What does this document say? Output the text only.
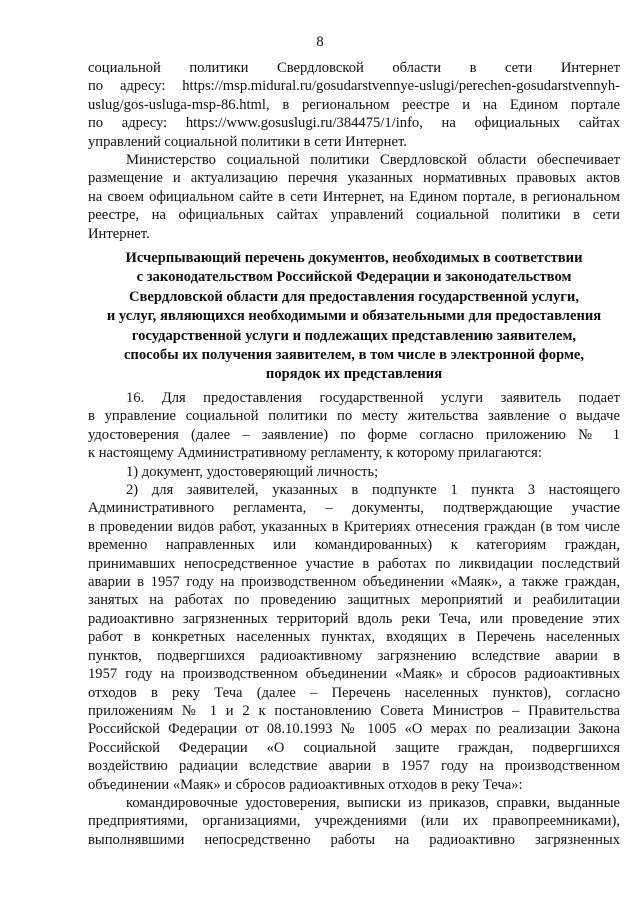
8

социальной политики Свердловской области в сети Интернет

по адресу: https://msp.midural.ru/gosudarstvennye-uslugi/perechen-gosudarstvennyh-

uslug/gos-usluga-msp-86.html, в региональном реестре и на Едином портале

по адресу: https://www.gosuslugi.ru/384475/1/info, на официальных сайтах

управлений социальной политики в сети Интернет.

Министерство социальной политики Свердловской области обеспечивает

размещение и актуализацию перечня указанных нормативных правовых актов

на своем официальном сайте в сети Интернет, на Едином портале, в региональном

реестре, на официальных сайтах управлений социальной политики в сети

Интернет.

Исчерпывающий перечень документов, необходимых в соответствии
с законодательством Российской Федерации и законодательством
Свердловской области для предоставления государственной услуги,
и услуг, являющихся необходимыми и обязательными для предоставления
государственной услуги и подлежащих представлению заявителем,
способы их получения заявителем, в том числе в электронной форме,
порядок их представления

16. Для предоставления государственной услуги заявитель подает

в управление социальной политики по месту жительства заявление о выдаче

удостоверения (далее – заявление) по форме согласно приложению № 1

к настоящему Административному регламенту, к которому прилагаются:

1) документ, удостоверяющий личность;

2) для заявителей, указанных в подпункте 1 пункта 3 настоящего

Административного регламента, – документы, подтверждающие участие

в проведении видов работ, указанных в Критериях отнесения граждан (в том числе

временно направленных или командированных) к категориям граждан,

принимавших непосредственное участие в работах по ликвидации последствий

аварии в 1957 году на производственном объединении «Маяк», а также граждан,

занятых на работах по проведению защитных мероприятий и реабилитации

радиоактивно загрязненных территорий вдоль реки Теча, или проведение этих

работ в конкретных населенных пунктах, входящих в Перечень населенных

пунктов, подвергшихся радиоактивному загрязнению вследствие аварии в

1957 году на производственном объединении «Маяк» и сбросов радиоактивных

отходов в реку Теча (далее – Перечень населенных пунктов), согласно

приложениям № 1 и 2 к постановлению Совета Министров – Правительства

Российской Федерации от 08.10.1993 № 1005 «О мерах по реализации Закона

Российской Федерации «О социальной защите граждан, подвергшихся

воздействию радиации вследствие аварии в 1957 году на производственном

объединении «Маяк» и сбросов радиоактивных отходов в реку Теча»:

командировочные удостоверения, выписки из приказов, справки, выданные

предприятиями, организациями, учреждениями (или их правопреемниками),

выполнявшими непосредственно работы на радиоактивно загрязненных
